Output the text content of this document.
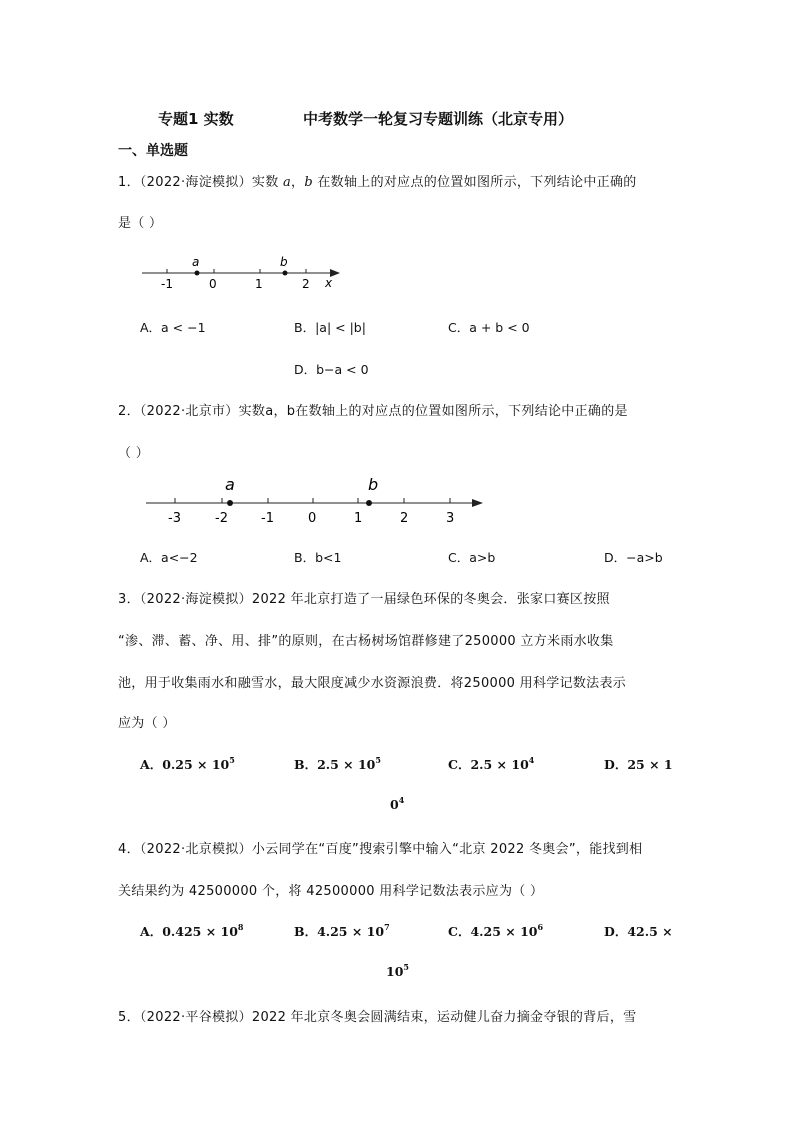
专题1 实数	中考数学一轮复习专题训练（北京专用）
一、单选题
1．（2022·海淀模拟）实数 a，b 在数轴上的对应点的位置如图所示，下列结论中正确的
是（ ）
-1	0	1	2 x
a	b
A．a < −1	B．|a| < |b|	C．a + b < 0
D．b−a < 0
2．（2022·北京市）实数a，b在数轴上的对应点的位置如图所示，下列结论中正确的是
（ ）
-3	-2	-1	0	1	2	3
a	b
A．a<−2	B．b<1	C．a>b	D．−a>b
3．（2022·海淀模拟）2022 年北京打造了一届绿色环保的冬奥会．张家口赛区按照
“渗、滞、蓄、净、用、排”的原则，在古杨树场馆群修建了250000 立方米雨水收集
池，用于收集雨水和融雪水，最大限度减少水资源浪费．将250000 用科学记数法表示
应为（ ）
A．$0.25 \times 10^5$	B．$2.5 \times 10^5$	C．$2.5 \times 10^4$	D．25 × 1
$0^4$
4．（2022·北京模拟）小云同学在“百度”搜索引擎中输入“北京 2022 冬奥会”，能找到相
关结果约为 42500000 个，将 42500000 用科学记数法表示应为（ ）
A．$0.425 \times 10^8$	B．$4.25 \times 10^7$	C．$4.25 \times 10^6$	D．42.5 ×
$10^5$
5．（2022·平谷模拟）2022 年北京冬奥会圆满结束，运动健儿奋力摘金夺银的背后，雪
